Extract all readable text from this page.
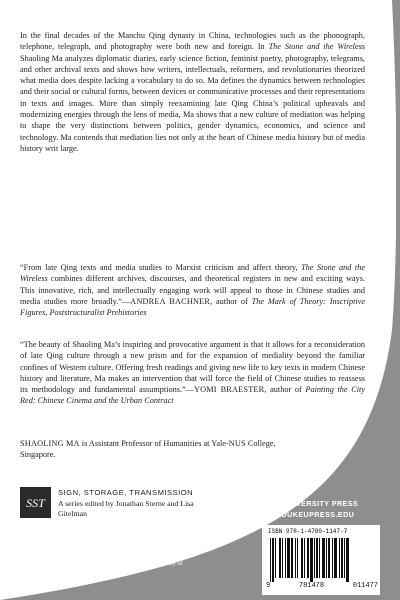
MEDIA AND TECHNOLOGY STUDIES ASIAN STUDIES LITERARY THEORY

In the final decades of the Manchu Qing dynasty in China, technologies such as the phonograph, telephone, telegraph, and photography were both new and foreign. In The Stone and the Wireless Shaoling Ma analyzes diplomatic diaries, early science fiction, feminist poetry, photography, telegrams, and other archival texts and shows how writers, intellectuals, reformers, and revolutionaries theorized what media does despite lacking a vocabulary to do so. Ma defines the dynamics between technologies and their social or cultural forms, between devices or communicative processes and their representations in texts and images. More than simply reexamining late Qing China’s political upheavals and modernizing energies through the lens of media, Ma shows that a new culture of mediation was helping to shape the very distinctions between politics, gender dynamics, economics, and science and technology. Ma contends that mediation lies not only at the heart of Chinese media history but of media history writ large.

“From late Qing texts and media studies to Marxist criticism and affect theory, The Stone and the Wireless combines different archives, discourses, and theoretical registers in new and exciting ways. This innovative, rich, and intellectually engaging work will appeal to those in Chinese studies and media studies more broadly.”—ANDREA BACHNER, author of The Mark of Theory: Inscriptive Figures, Poststructuralist Prehistories

“The beauty of Shaoling Ma’s inspiring and provocative argument is that it allows for a reconsideration of late Qing culture through a new prism and for the expansion of mediality beyond the familiar confines of Western culture. Offering fresh readings and giving new life to key texts in modern Chinese history and literature, Ma makes an intervention that will force the field of Chinese studies to reassess its methodology and fundamental assumptions.”—YOMI BRAESTER, author of Painting the City Red: Chinese Cinema and the Urban Contract

SHAOLING MA is Assistant Professor of Humanities at Yale-NUS College, Singapore.

SST
SIGN, STORAGE, TRANSMISSION
A series edited by Jonathan Sterne and Lisa Gitelman
DUKE UNIVERSITY PRESS
WWW.DUKEUPRESS.EDU
COVER ART: Wang Sishun, Apocalypse, 2013–19. Stone, iron, copper, polystyrene, aluminum; dimensions variable. Courtesy of the artist.
ISBN 978-1-4780-1147-7
9	781478	011477
